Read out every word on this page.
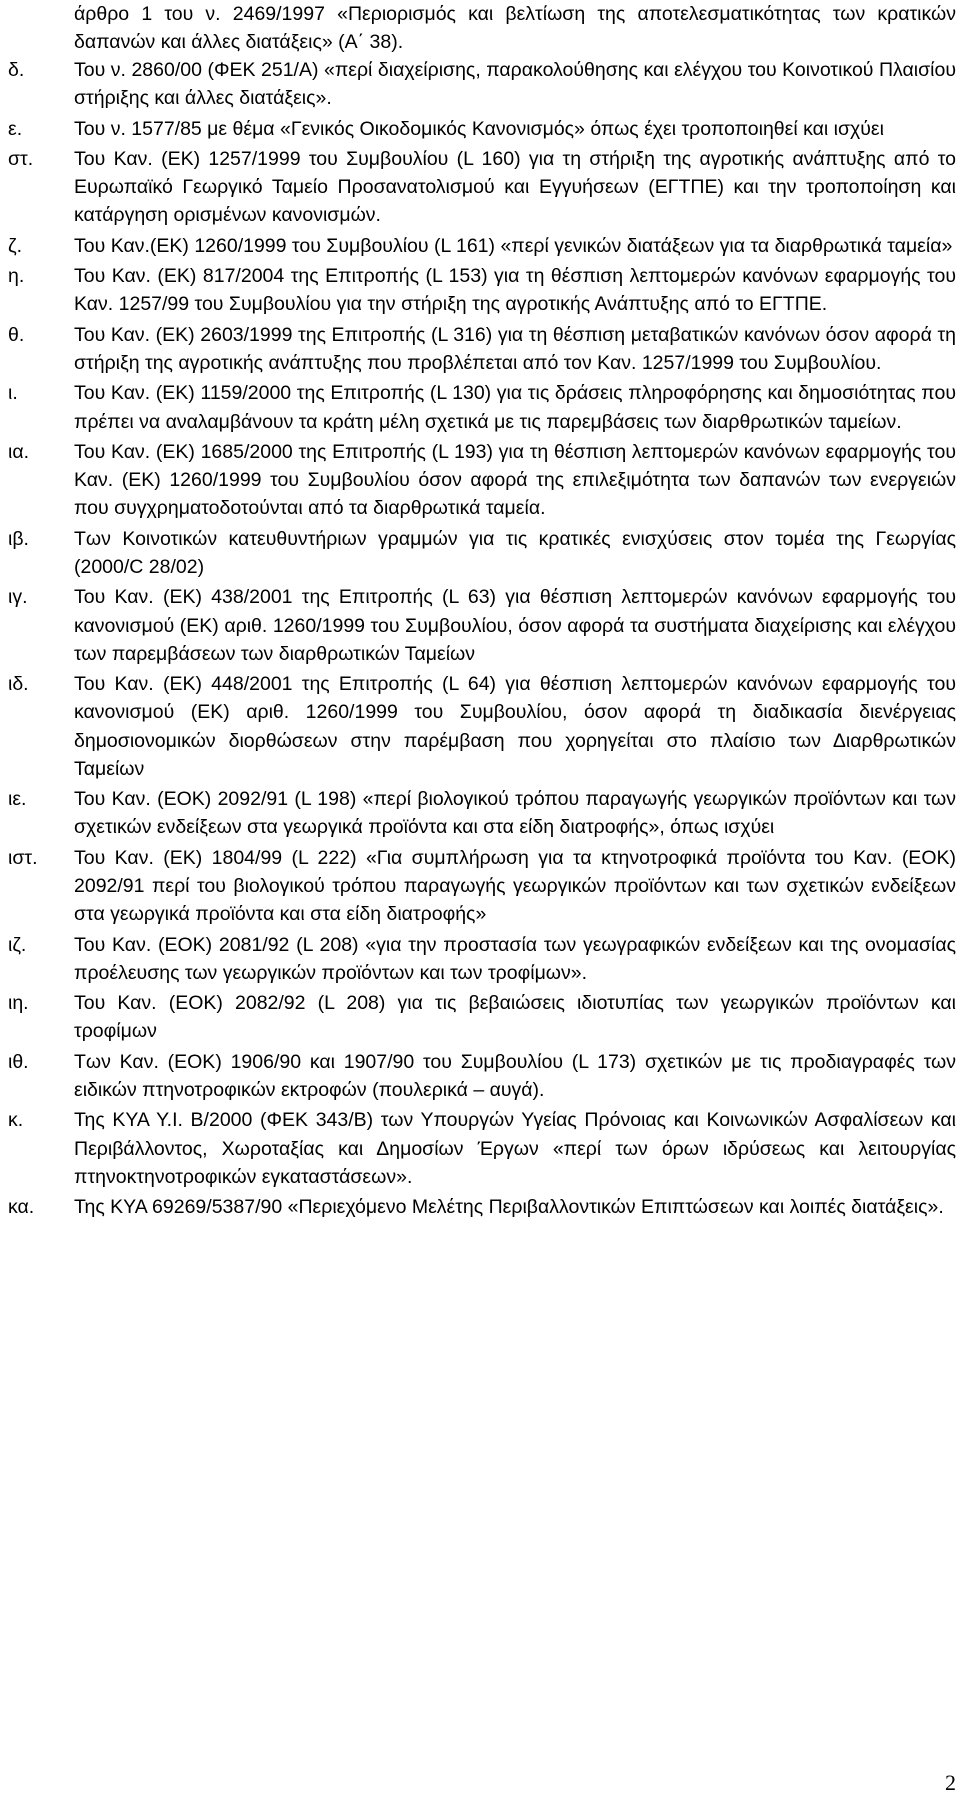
άρθρο 1 του ν. 2469/1997 «Περιορισμός και βελτίωση της αποτελεσματικότητας των κρατικών δαπανών και άλλες διατάξεις» (Α΄ 38).
δ.	Του ν. 2860/00 (ΦΕΚ 251/Α) «περί διαχείρισης, παρακολούθησης και ελέγχου του Κοινοτικού Πλαισίου στήριξης και άλλες διατάξεις».
ε.	Του ν. 1577/85 με θέμα «Γενικός Οικοδομικός Κανονισμός» όπως έχει τροποποιηθεί και ισχύει
στ.	Του Καν. (ΕΚ) 1257/1999 του Συμβουλίου (L 160) για τη στήριξη της αγροτικής ανάπτυξης από το Ευρωπαϊκό Γεωργικό Ταμείο Προσανατολισμού και Εγγυήσεων (ΕΓΤΠΕ) και την τροποποίηση και κατάργηση ορισμένων κανονισμών.
ζ.	Του Καν.(ΕΚ) 1260/1999 του Συμβουλίου (L 161) «περί γενικών διατάξεων για τα διαρθρωτικά ταμεία»
η.	Του Καν. (ΕΚ) 817/2004 της Επιτροπής (L 153) για τη θέσπιση λεπτομερών κανόνων εφαρμογής του Καν. 1257/99 του Συμβουλίου για την στήριξη της αγροτικής Ανάπτυξης από το ΕΓΤΠΕ.
θ.	Του Καν. (ΕΚ) 2603/1999 της Επιτροπής (L 316) για τη θέσπιση μεταβατικών κανόνων όσον αφορά τη στήριξη της αγροτικής ανάπτυξης που προβλέπεται από τον Καν. 1257/1999 του Συμβουλίου.
ι.	Του Καν. (ΕΚ) 1159/2000 της Επιτροπής (L 130) για τις δράσεις πληροφόρησης και δημοσιότητας που πρέπει να αναλαμβάνουν τα κράτη μέλη σχετικά με τις παρεμβάσεις των διαρθρωτικών ταμείων.
ια.	Του Καν. (ΕΚ) 1685/2000 της Επιτροπής (L 193) για τη θέσπιση λεπτομερών κανόνων εφαρμογής του Καν. (ΕΚ) 1260/1999 του Συμβουλίου όσον αφορά της επιλεξιμότητα των δαπανών των ενεργειών που συγχρηματοδοτούνται από τα διαρθρωτικά ταμεία.
ιβ.	Των Κοινοτικών κατευθυντήριων γραμμών για τις κρατικές ενισχύσεις στον τομέα της Γεωργίας (2000/C 28/02)
ιγ.	Του Καν. (ΕΚ) 438/2001 της Επιτροπής (L 63) για θέσπιση λεπτομερών κανόνων εφαρμογής του κανονισμού (ΕΚ) αριθ. 1260/1999 του Συμβουλίου, όσον αφορά τα συστήματα διαχείρισης και ελέγχου των παρεμβάσεων των διαρθρωτικών Ταμείων
ιδ.	Του Καν. (ΕΚ) 448/2001 της Επιτροπής (L 64) για θέσπιση λεπτομερών κανόνων εφαρμογής του κανονισμού (ΕΚ) αριθ. 1260/1999 του Συμβουλίου, όσον αφορά τη διαδικασία διενέργειας δημοσιονομικών διορθώσεων στην παρέμβαση που χορηγείται στο πλαίσιο των Διαρθρωτικών Ταμείων
ιε.	Του Καν. (ΕΟΚ) 2092/91 (L 198) «περί βιολογικού τρόπου παραγωγής γεωργικών προϊόντων και των σχετικών ενδείξεων στα γεωργικά προϊόντα και στα είδη διατροφής», όπως ισχύει
ιστ.	Του Καν. (ΕΚ) 1804/99 (L 222) «Για συμπλήρωση για τα κτηνοτροφικά προϊόντα του Καν. (ΕΟΚ) 2092/91 περί του βιολογικού τρόπου παραγωγής γεωργικών προϊόντων και των σχετικών ενδείξεων στα γεωργικά προϊόντα και στα είδη διατροφής»
ιζ.	Του Καν. (ΕΟΚ) 2081/92 (L 208) «για την προστασία των γεωγραφικών ενδείξεων και της ονομασίας προέλευσης των γεωργικών προϊόντων και των τροφίμων».
ιη.	Του Καν. (ΕΟΚ) 2082/92 (L 208) για τις βεβαιώσεις ιδιοτυπίας των γεωργικών προϊόντων και τροφίμων
ιθ.	Των Καν. (ΕΟΚ) 1906/90 και 1907/90 του Συμβουλίου (L 173) σχετικών με τις προδιαγραφές των ειδικών πτηνοτροφικών εκτροφών (πουλερικά – αυγά).
κ.	Της ΚΥΑ Υ.Ι. Β/2000 (ΦΕΚ 343/Β) των Υπουργών Υγείας Πρόνοιας και Κοινωνικών Ασφαλίσεων και Περιβάλλοντος, Χωροταξίας και Δημοσίων Έργων «περί των όρων ιδρύσεως και λειτουργίας πτηνοκτηνοτροφικών εγκαταστάσεων».
κα.	Της ΚΥΑ 69269/5387/90 «Περιεχόμενο Μελέτης Περιβαλλοντικών Επιπτώσεων και λοιπές διατάξεις».
2
